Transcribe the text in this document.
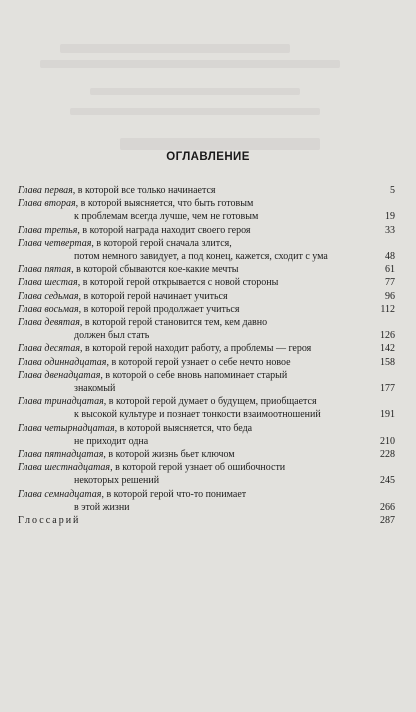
ОГЛАВЛЕНИЕ
Глава первая, в которой все только начинается	5
Глава вторая, в которой выясняется, что быть готовым
к проблемам всегда лучше, чем не готовым	19
Глава третья, в которой награда находит своего героя	33
Глава четвертая, в которой герой сначала злится,
потом немного завидует, а под конец, кажется, сходит с ума	48
Глава пятая, в которой сбываются кое-какие мечты	61
Глава шестая, в которой герой открывается с новой стороны	77
Глава седьмая, в которой герой начинает учиться	96
Глава восьмая, в которой герой продолжает учиться	112
Глава девятая, в которой герой становится тем, кем давно
должен был стать	126
Глава десятая, в которой герой находит работу, а проблемы — героя	142
Глава одиннадцатая, в которой герой узнает о себе нечто новое	158
Глава двенадцатая, в которой о себе вновь напоминает старый
знакомый	177
Глава тринадцатая, в которой герой думает о будущем, приобщается
к высокой культуре и познает тонкости взаимоотношений	191
Глава четырнадцатая, в которой выясняется, что беда
не приходит одна	210
Глава пятнадцатая, в которой жизнь бьет ключом	228
Глава шестнадцатая, в которой герой узнает об ошибочности
некоторых решений	245
Глава семнадцатая, в которой герой что-то понимает
в этой жизни	266
Глоссарий	287
